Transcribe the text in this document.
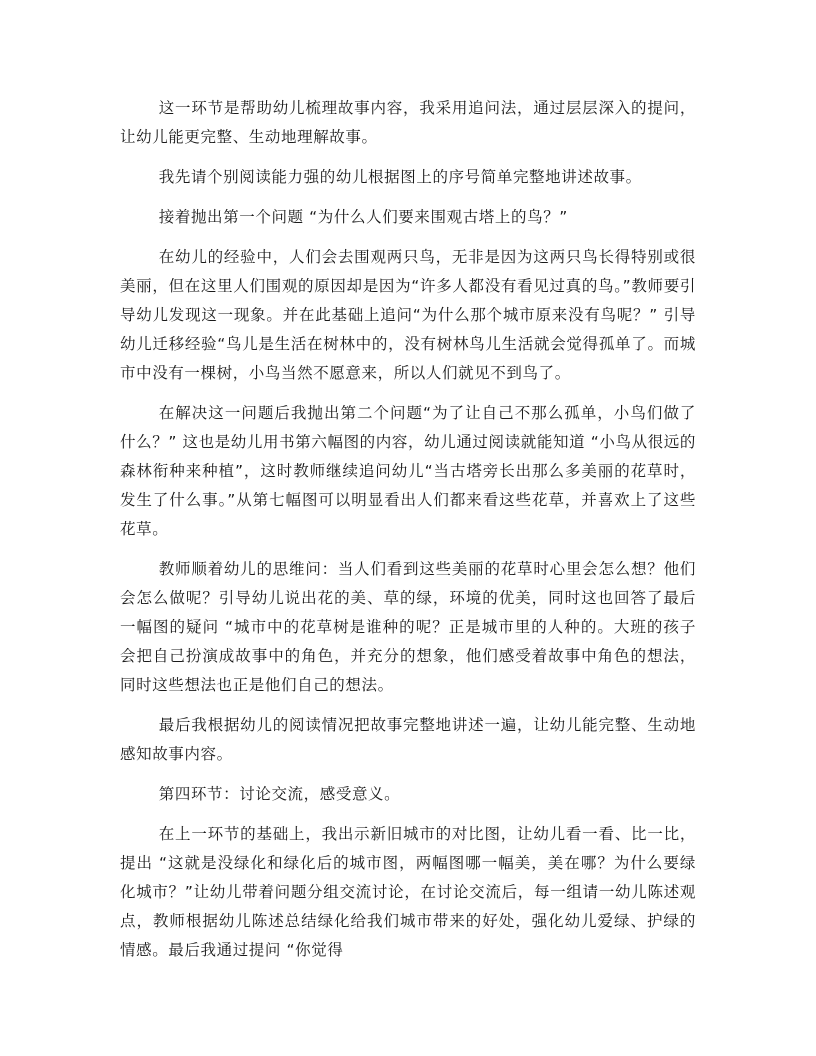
这一环节是帮助幼儿梳理故事内容，我采用追问法，通过层层深入的提问，让幼儿能更完整、生动地理解故事。

我先请个别阅读能力强的幼儿根据图上的序号简单完整地讲述故事。

接着抛出第一个问题 “为什么人们要来围观古塔上的鸟？”

在幼儿的经验中，人们会去围观两只鸟，无非是因为这两只鸟长得特别或很美丽，但在这里人们围观的原因却是因为“许多人都没有看见过真的鸟。”教师要引导幼儿发现这一现象。并在此基础上追问“为什么那个城市原来没有鸟呢？” 引导幼儿迁移经验“鸟儿是生活在树林中的，没有树林鸟儿生活就会觉得孤单了。而城市中没有一棵树，小鸟当然不愿意来，所以人们就见不到鸟了。

在解决这一问题后我抛出第二个问题“为了让自己不那么孤单，小鸟们做了什么？” 这也是幼儿用书第六幅图的内容，幼儿通过阅读就能知道 “小鸟从很远的森林衔种来种植”，这时教师继续追问幼儿“当古塔旁长出那么多美丽的花草时，发生了什么事。”从第七幅图可以明显看出人们都来看这些花草，并喜欢上了这些花草。

教师顺着幼儿的思维问：当人们看到这些美丽的花草时心里会怎么想？他们会怎么做呢？引导幼儿说出花的美、草的绿，环境的优美，同时这也回答了最后一幅图的疑问 “城市中的花草树是谁种的呢？正是城市里的人种的。大班的孩子会把自己扮演成故事中的角色，并充分的想象，他们感受着故事中角色的想法，同时这些想法也正是他们自己的想法。

最后我根据幼儿的阅读情况把故事完整地讲述一遍，让幼儿能完整、生动地感知故事内容。

第四环节：讨论交流，感受意义。

在上一环节的基础上，我出示新旧城市的对比图，让幼儿看一看、比一比，提出 “这就是没绿化和绿化后的城市图，两幅图哪一幅美，美在哪？为什么要绿化城市？”让幼儿带着问题分组交流讨论，在讨论交流后，每一组请一幼儿陈述观点，教师根据幼儿陈述总结绿化给我们城市带来的好处，强化幼儿爱绿、护绿的情感。最后我通过提问 “你觉得
